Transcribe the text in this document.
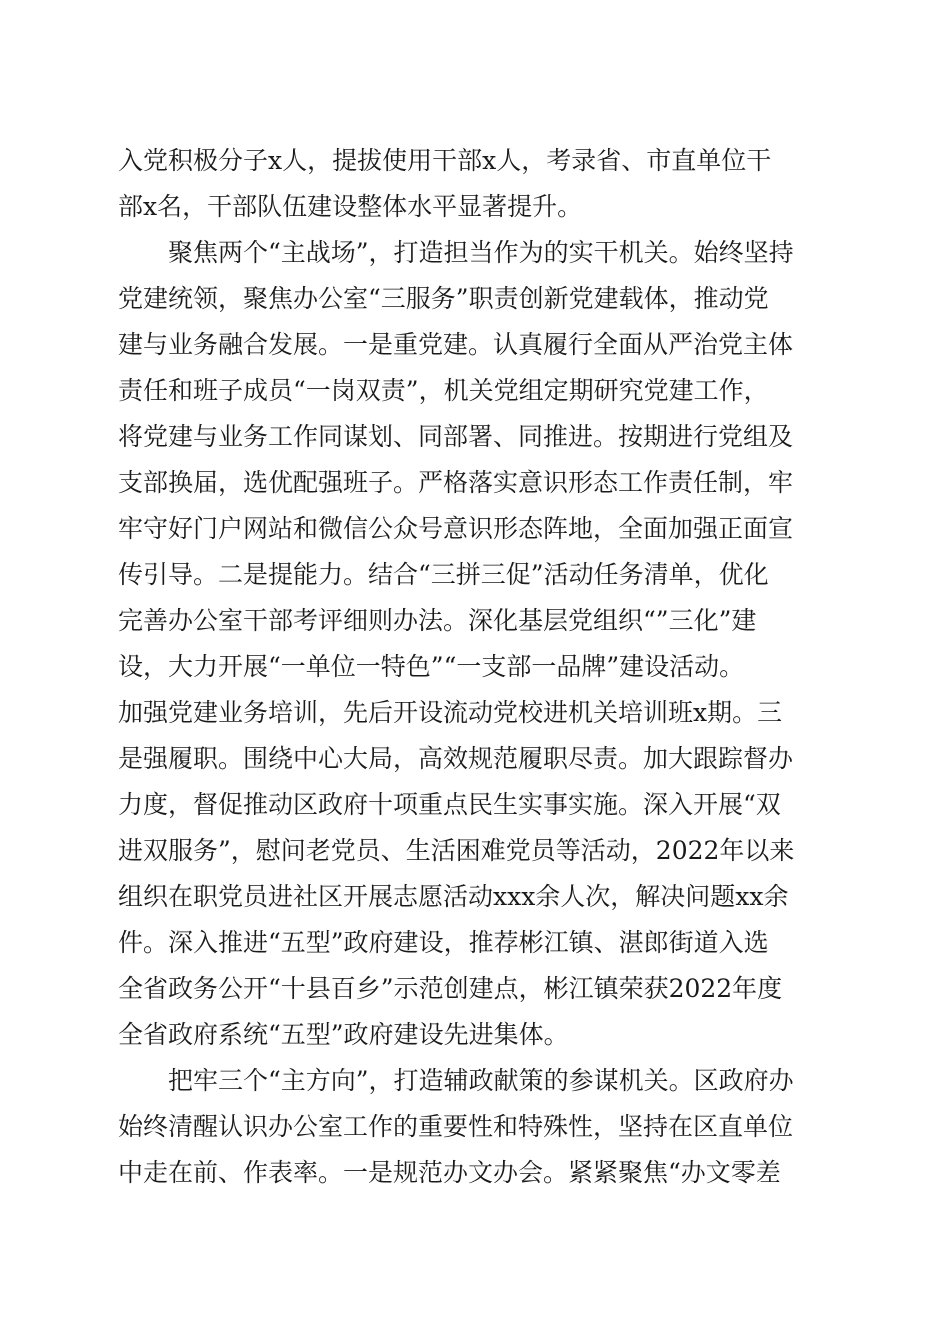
入党积极分子x人，提拔使用干部x人，考录省、市直单位干
部x名，干部队伍建设整体水平显著提升。
聚焦两个“主战场”，打造担当作为的实干机关。始终坚持
党建统领，聚焦办公室“三服务”职责创新党建载体，推动党
建与业务融合发展。一是重党建。认真履行全面从严治党主体
责任和班子成员“一岗双责”，机关党组定期研究党建工作，
将党建与业务工作同谋划、同部署、同推进。按期进行党组及
支部换届，选优配强班子。严格落实意识形态工作责任制，牢
牢守好门户网站和微信公众号意识形态阵地，全面加强正面宣
传引导。二是提能力。结合“三拼三促”活动任务清单，优化
完善办公室干部考评细则办法。深化基层党组织“”三化”建
设，大力开展“一单位一特色”“一支部一品牌”建设活动。
加强党建业务培训，先后开设流动党校进机关培训班x期。三
是强履职。围绕中心大局，高效规范履职尽责。加大跟踪督办
力度，督促推动区政府十项重点民生实事实施。深入开展“双
进双服务”，慰问老党员、生活困难党员等活动，2022年以来
组织在职党员进社区开展志愿活动xxx余人次，解决问题xx余
件。深入推进“五型”政府建设，推荐彬江镇、湛郎街道入选
全省政务公开“十县百乡”示范创建点，彬江镇荣获2022年度
全省政府系统“五型”政府建设先进集体。
把牢三个“主方向”，打造辅政献策的参谋机关。区政府办
始终清醒认识办公室工作的重要性和特殊性，坚持在区直单位
中走在前、作表率。一是规范办文办会。紧紧聚焦“办文零差
